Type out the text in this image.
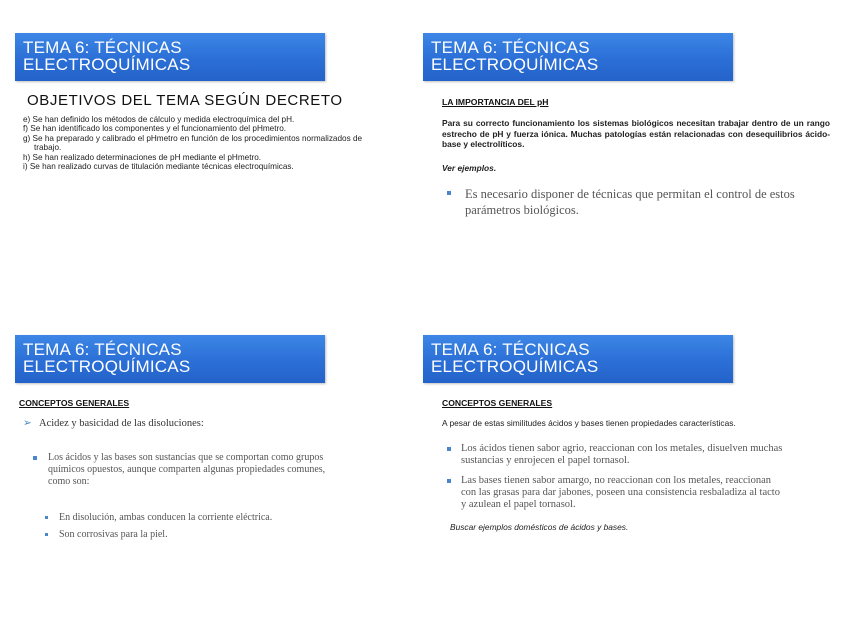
TEMA 6: TÉCNICAS
ELECTROQUÍMICAS
OBJETIVOS DEL TEMA SEGÚN DECRETO
e) Se han definido los métodos de cálculo y medida electroquímica del pH.
f) Se han identificado los componentes y el funcionamiento del pHmetro.
g) Se ha preparado y calibrado el pHmetro en función de los procedimientos normalizados de
trabajo.
h) Se han realizado determinaciones de pH mediante el pHmetro.
i) Se han realizado curvas de titulación mediante técnicas electroquímicas.
TEMA 6: TÉCNICAS
ELECTROQUÍMICAS
LA IMPORTANCIA DEL pH
Para su correcto funcionamiento los sistemas biológicos necesitan trabajar dentro de un rango estrecho de pH y fuerza iónica. Muchas patologías están relacionadas con desequilibrios ácido-base y electrolíticos.
Ver ejemplos.
Es necesario disponer de técnicas que permitan el control de estos parámetros biológicos.
TEMA 6: TÉCNICAS
ELECTROQUÍMICAS
CONCEPTOS GENERALES
➢ Acidez y basicidad de las disoluciones:
Los ácidos y las bases son sustancias que se comportan como grupos químicos opuestos, aunque comparten algunas propiedades comunes, como son:
En disolución, ambas conducen la corriente eléctrica.
Son corrosivas para la piel.
TEMA 6: TÉCNICAS
ELECTROQUÍMICAS
CONCEPTOS GENERALES
A pesar de estas similitudes ácidos y bases tienen propiedades características.
Los ácidos tienen sabor agrio, reaccionan con los metales, disuelven muchas sustancias y enrojecen el papel tornasol.
Las bases tienen sabor amargo, no reaccionan con los metales, reaccionan con las grasas para dar jabones, poseen una consistencia resbaladiza al tacto y azulean el papel tornasol.
Buscar ejemplos domésticos de ácidos y bases.
